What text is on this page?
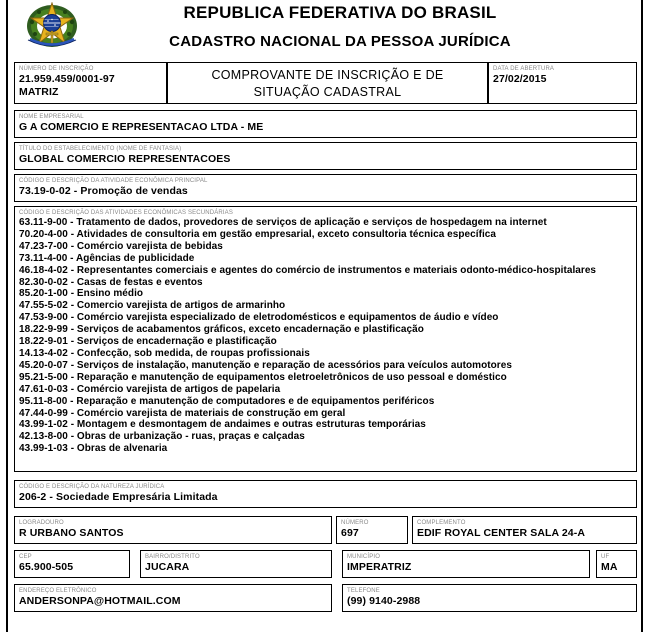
REPUBLICA FEDERATIVA DO BRASIL
CADASTRO NACIONAL DA PESSOA JURÍDICA
NÚMERO DE INSCRIÇÃO
21.959.459/0001-97
MATRIZ
COMPROVANTE DE INSCRIÇÃO E DE
SITUAÇÃO CADASTRAL
DATA DE ABERTURA
27/02/2015
NOME EMPRESARIAL
G A COMERCIO E REPRESENTACAO LTDA - ME
TÍTULO DO ESTABELECIMENTO (NOME DE FANTASIA)
GLOBAL COMERCIO REPRESENTACOES
CÓDIGO E DESCRIÇÃO DA ATIVIDADE ECONÔMICA PRINCIPAL
73.19-0-02 - Promoção de vendas
CÓDIGO E DESCRIÇÃO DAS ATIVIDADES ECONÔMICAS SECUNDÁRIAS
63.11-9-00 - Tratamento de dados, provedores de serviços de aplicação e serviços de hospedagem na internet
70.20-4-00 - Atividades de consultoria em gestão empresarial, exceto consultoria técnica específica
47.23-7-00 - Comércio varejista de bebidas
73.11-4-00 - Agências de publicidade
46.18-4-02 - Representantes comerciais e agentes do comércio de instrumentos e materiais odonto-médico-hospitalares
82.30-0-02 - Casas de festas e eventos
85.20-1-00 - Ensino médio
47.55-5-02 - Comercio varejista de artigos de armarinho
47.53-9-00 - Comércio varejista especializado de eletrodomésticos e equipamentos de áudio e vídeo
18.22-9-99 - Serviços de acabamentos gráficos, exceto encadernação e plastificação
18.22-9-01 - Serviços de encadernação e plastificação
14.13-4-02 - Confecção, sob medida, de roupas profissionais
45.20-0-07 - Serviços de instalação, manutenção e reparação de acessórios para veículos automotores
95.21-5-00 - Reparação e manutenção de equipamentos eletroeletrônicos de uso pessoal e doméstico
47.61-0-03 - Comércio varejista de artigos de papelaria
95.11-8-00 - Reparação e manutenção de computadores e de equipamentos periféricos
47.44-0-99 - Comércio varejista de materiais de construção em geral
43.99-1-02 - Montagem e desmontagem de andaimes e outras estruturas temporárias
42.13-8-00 - Obras de urbanização - ruas, praças e calçadas
43.99-1-03 - Obras de alvenaria
CÓDIGO E DESCRIÇÃO DA NATUREZA JURÍDICA
206-2 - Sociedade Empresária Limitada
LOGRADOURO
R URBANO SANTOS
NÚMERO
697
COMPLEMENTO
EDIF ROYAL CENTER SALA 24-A
CEP
65.900-505
BAIRRO/DISTRITO
JUCARA
MUNICÍPIO
IMPERATRIZ
UF
MA
ENDEREÇO ELETRÔNICO
ANDERSONPA@HOTMAIL.COM
TELEFONE
(99) 9140-2988
